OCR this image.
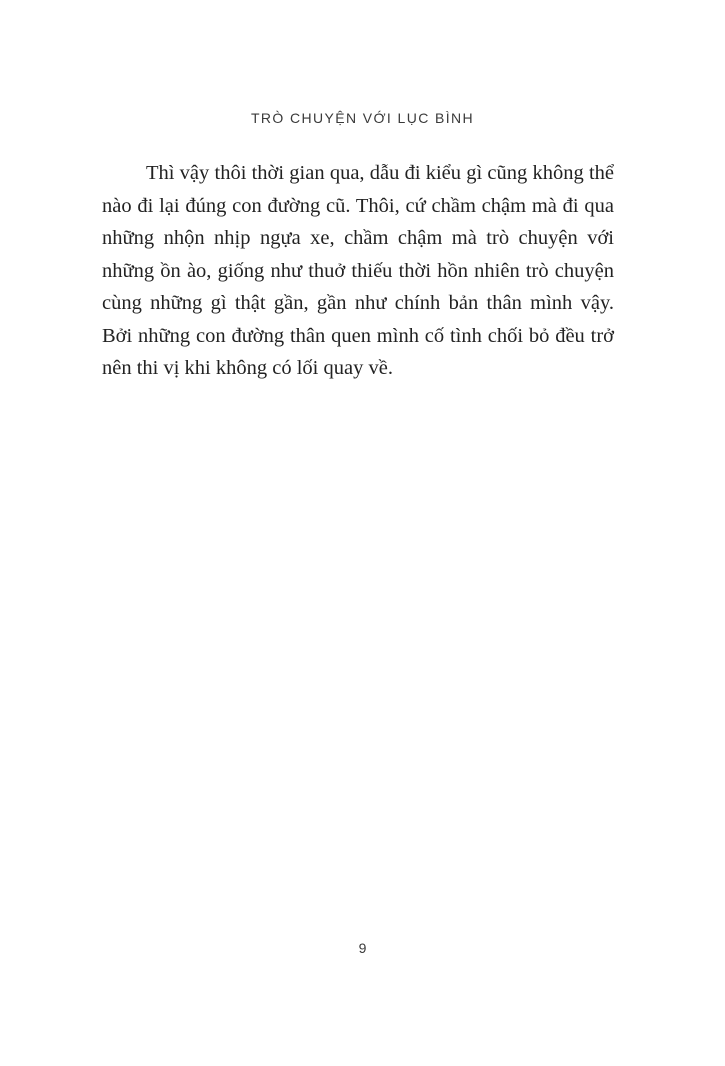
TRÒ CHUYỆN VỚI LỤC BÌNH

Thì vậy thôi thời gian qua, dẫu đi kiểu gì cũng không thể nào đi lại đúng con đường cũ. Thôi, cứ chầm chậm mà đi qua những nhộn nhịp ngựa xe, chầm chậm mà trò chuyện với những ồn ào, giống như thuở thiếu thời hồn nhiên trò chuyện cùng những gì thật gần, gần như chính bản thân mình vậy. Bởi những con đường thân quen mình cố tình chối bỏ đều trở nên thi vị khi không có lối quay về.

9
